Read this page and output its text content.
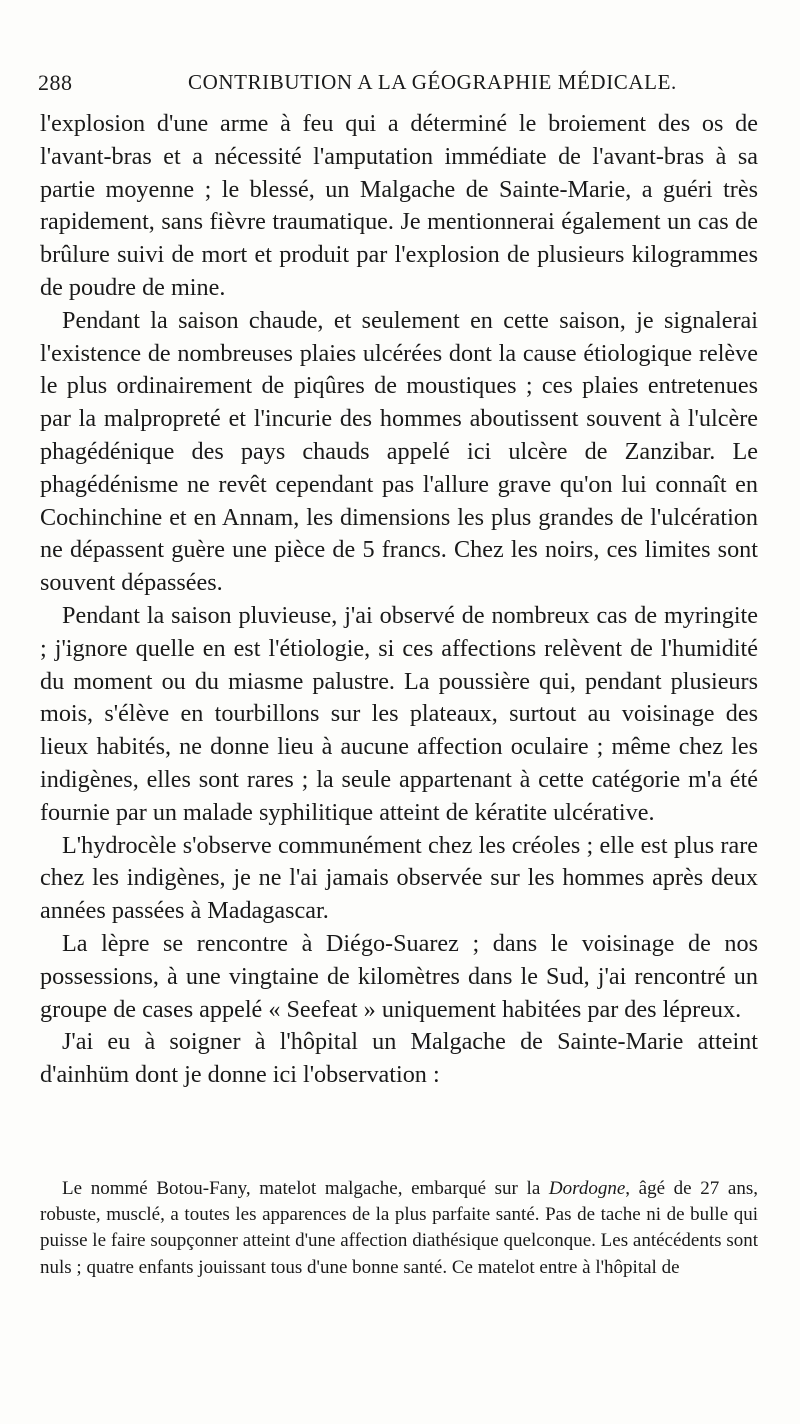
288	CONTRIBUTION A LA GÉOGRAPHIE MÉDICALE.

l'explosion d'une arme à feu qui a déterminé le broiement des os de l'avant-bras et a nécessité l'amputation immédiate de l'avant-bras à sa partie moyenne ; le blessé, un Malgache de Sainte-Marie, a guéri très rapidement, sans fièvre traumatique. Je mentionnerai également un cas de brûlure suivi de mort et produit par l'explosion de plusieurs kilogrammes de poudre de mine.

Pendant la saison chaude, et seulement en cette saison, je signalerai l'existence de nombreuses plaies ulcérées dont la cause étiologique relève le plus ordinairement de piqûres de moustiques ; ces plaies entretenues par la malpropreté et l'incurie des hommes aboutissent souvent à l'ulcère phagédénique des pays chauds appelé ici ulcère de Zanzibar. Le phagédénisme ne revêt cependant pas l'allure grave qu'on lui connaît en Cochinchine et en Annam, les dimensions les plus grandes de l'ulcération ne dépassent guère une pièce de 5 francs. Chez les noirs, ces limites sont souvent dépassées.

Pendant la saison pluvieuse, j'ai observé de nombreux cas de myringite ; j'ignore quelle en est l'étiologie, si ces affections relèvent de l'humidité du moment ou du miasme palustre. La poussière qui, pendant plusieurs mois, s'élève en tourbillons sur les plateaux, surtout au voisinage des lieux habités, ne donne lieu à aucune affection oculaire ; même chez les indigènes, elles sont rares ; la seule appartenant à cette catégorie m'a été fournie par un malade syphilitique atteint de kératite ulcérative.

L'hydrocèle s'observe communément chez les créoles ; elle est plus rare chez les indigènes, je ne l'ai jamais observée sur les hommes après deux années passées à Madagascar.

La lèpre se rencontre à Diégo-Suarez ; dans le voisinage de nos possessions, à une vingtaine de kilomètres dans le Sud, j'ai rencontré un groupe de cases appelé « Seefeat » uniquement habitées par des lépreux.

J'ai eu à soigner à l'hôpital un Malgache de Sainte-Marie atteint d'ainhüm dont je donne ici l'observation :

Le nommé Botou-Fany, matelot malgache, embarqué sur la Dordogne, âgé de 27 ans, robuste, musclé, a toutes les apparences de la plus parfaite santé. Pas de tache ni de bulle qui puisse le faire soupçonner atteint d'une affection diathésique quelconque. Les antécédents sont nuls ; quatre enfants jouissant tous d'une bonne santé. Ce matelot entre à l'hôpital de
